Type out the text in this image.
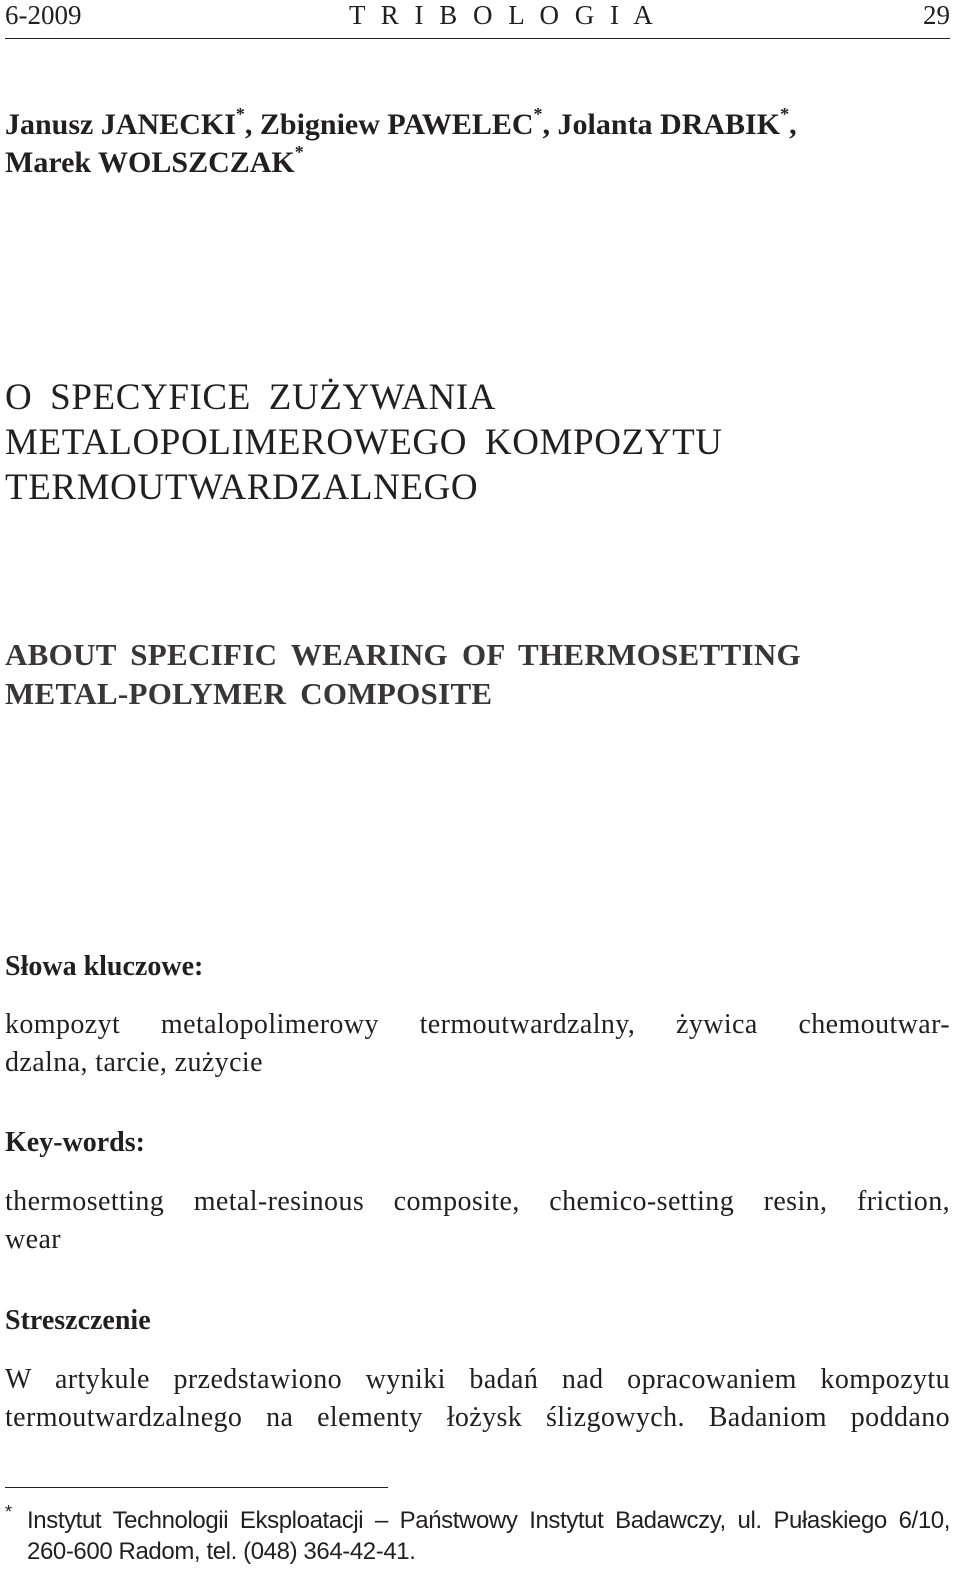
6-2009	T R I B O L O G I A	29
Janusz JANECKI*, Zbigniew PAWELEC*, Jolanta DRABIK*,
Marek WOLSZCZAK*
O SPECYFICE ZUŻYWANIA
METALOPOLIMEROWEGO KOMPOZYTU
TERMOUTWARDZALNEGO
ABOUT SPECIFIC WEARING OF THERMOSETTING
METAL-POLYMER COMPOSITE
Słowa kluczowe:
kompozyt metalopolimerowy termoutwardzalny, żywica chemoutwar-
dzalna, tarcie, zużycie
Key-words:
thermosetting metal-resinous composite, chemico-setting resin, friction,
wear
Streszczenie
W artykule przedstawiono wyniki badań nad opracowaniem kompozytu
termoutwardzalnego na elementy łożysk ślizgowych. Badaniom poddano
* Instytut Technologii Eksploatacji – Państwowy Instytut Badawczy, ul. Pułaskiego 6/10,
260-600 Radom, tel. (048) 364-42-41.
